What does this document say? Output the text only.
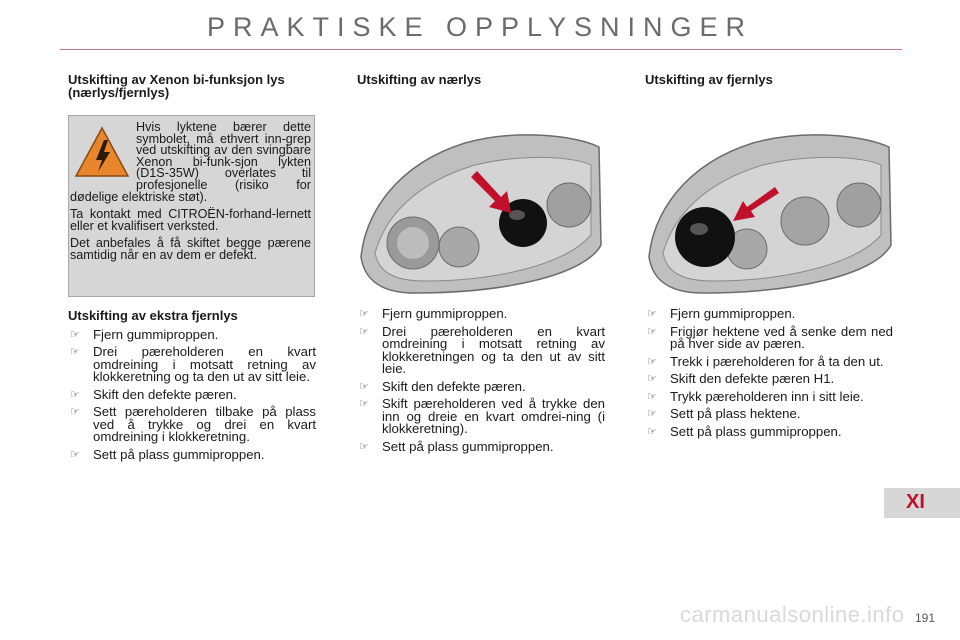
PRAKTISKE OPPLYSNINGER

Utskifting av Xenon bi-funksjon lys (nærlys/fjernlys)

Hvis lyktene bærer dette symbolet, må ethvert inn-grep ved utskifting av den svingbare Xenon bi-funk-sjon lykten (D1S-35W) overlates til profesjonelle (risiko for dødelige elektriske støt).

Ta kontakt med CITROËN-forhand-lernett eller et kvalifisert verksted.

Det anbefales å få skiftet begge pærene samtidig når en av dem er defekt.

Utskifting av ekstra fjernlys

☞ Fjern gummiproppen.
☞ Drei pæreholderen en kvart omdreining i motsatt retning av klokkeretning og ta den ut av sitt leie.
☞ Skift den defekte pæren.
☞ Sett pæreholderen tilbake på plass ved å trykke og drei en kvart omdreining i klokkeretning.
☞ Sett på plass gummiproppen.

Utskifting av nærlys

☞ Fjern gummiproppen.
☞ Drei pæreholderen en kvart omdreining i motsatt retning av klokkeretningen og ta den ut av sitt leie.
☞ Skift den defekte pæren.
☞ Skift pæreholderen ved å trykke den inn og dreie en kvart omdrei-ning (i klokkeretning).
☞ Sett på plass gummiproppen.

Utskifting av fjernlys

☞ Fjern gummiproppen.
☞ Frigjør hektene ved å senke dem ned på hver side av pæren.
☞ Trekk i pæreholderen for å ta den ut.
☞ Skift den defekte pæren H1.
☞ Trykk pæreholderen inn i sitt leie.
☞ Sett på plass hektene.
☞ Sett på plass gummiproppen.
XI
carmanualsonline.info 191
